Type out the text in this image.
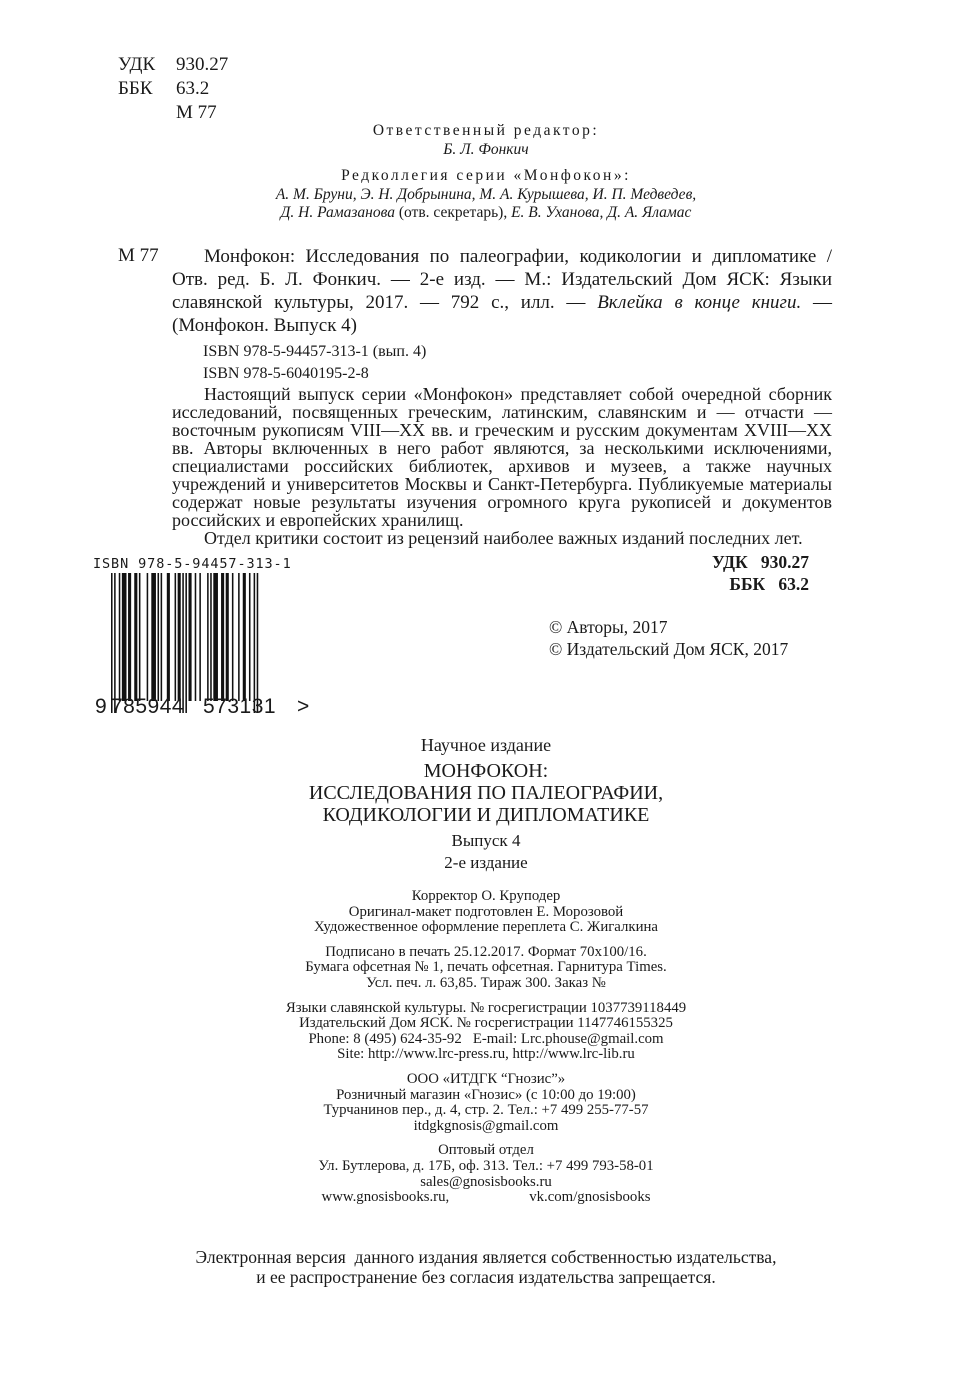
УДК 930.27
ББК 63.2
М 77
Ответственный редактор:
Б. Л. Фонкич
Редколлегия серии «Монфокон»:
А. М. Бруни, Э. Н. Добрынина, М. А. Курышева, И. П. Медведев,
Д. Н. Рамазанова (отв. секретарь), Е. В. Уханова, Д. А. Яламас
М 77	Монфокон: Исследования по палеографии, кодикологии и дипломатике / Отв. ред. Б. Л. Фонкич. — 2-е изд. — М.: Издательский Дом ЯСК: Языки славянской культуры, 2017. — 792 с., илл. — Вклейка в конце книги. — (Монфокон. Выпуск 4)
ISBN 978-5-94457-313-1 (вып. 4)
ISBN 978-5-6040195-2-8

Настоящий выпуск серии «Монфокон» представляет собой очередной сборник исследований, посвященных греческим, латинским, славянским и — отчасти — восточным рукописям VIII—XX вв. и греческим и русским документам XVIII—XX вв. Авторы включенных в него работ являются, за несколькими исключениями, специалистами российских библиотек, архивов и музеев, а также научных учреждений и университетов Москвы и Санкт-Петербурга. Публикуемые материалы содержат новые результаты изучения огромного круга рукописей и документов российских и европейских хранилищ.

Отдел критики состоит из рецензий наиболее важных изданий последних лет.

УДК   930.27
ББК   63.2
ISBN 978-5-94457-313-1
9 785944 573131 >
© Авторы, 2017
© Издательский Дом ЯСК, 2017
Научное издание
МОНФОКОН:
ИССЛЕДОВАНИЯ ПО ПАЛЕОГРАФИИ,
КОДИКОЛОГИИ И ДИПЛОМАТИКЕ
Выпуск 4
2-е издание
Корректор О. Круподер
Оригинал-макет подготовлен Е. Морозовой
Художественное оформление переплета С. Жигалкина
Подписано в печать 25.12.2017. Формат 70x100/16.
Бумага офсетная № 1, печать офсетная. Гарнитура Times.
Усл. печ. л. 63,85. Тираж 300. Заказ №
Языки славянской культуры. № госрегистрации 1037739118449
Издательский Дом ЯСК. № госрегистрации 1147746155325
Phone: 8 (495) 624-35-92   E-mail: Lrc.phouse@gmail.com
Site: http://www.lrc-press.ru, http://www.lrc-lib.ru
ООО «ИТДГК “Гнозис”»
Розничный магазин «Гнозис» (с 10:00 до 19:00)
Турчанинов пер., д. 4, стр. 2. Тел.: +7 499 255-77-57
itdgkgnosis@gmail.com
Оптовый отдел
Ул. Бутлерова, д. 17Б, оф. 313. Тел.: +7 499 793-58-01
sales@gnosisbooks.ru
www.gnosisbooks.ru,	vk.com/gnosisbooks
Электронная версия  данного издания является собственностью издательства,
и ее распространение без согласия издательства запрещается.
